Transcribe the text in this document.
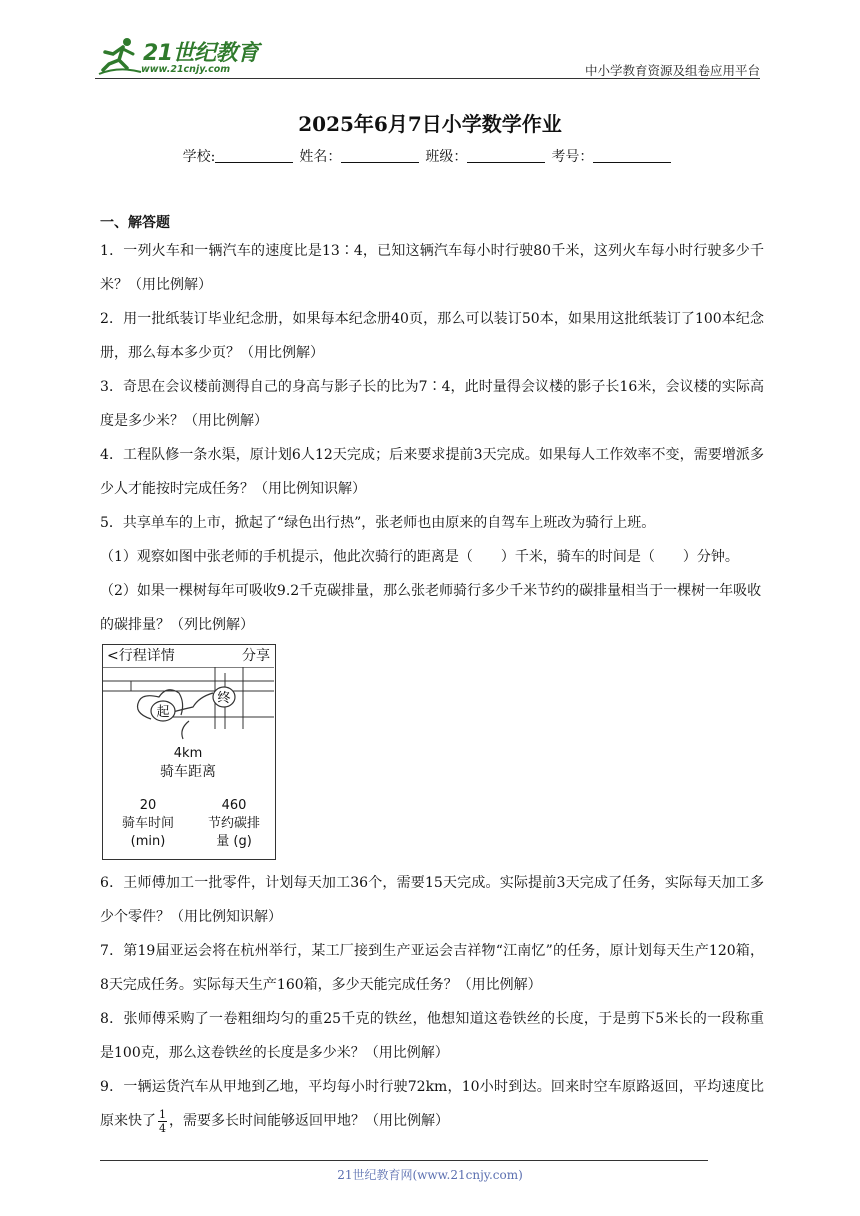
21世纪教育
www.21cnjy.com	中小学教育资源及组卷应用平台
2025年6月7日小学数学作业
学校:	姓名：	班级：	考号：
一、解答题

1．一列火车和一辆汽车的速度比是13∶4，已知这辆汽车每小时行驶80千米，这列火车每小时行驶多少千米？（用比例解）

2．用一批纸装订毕业纪念册，如果每本纪念册40页，那么可以装订50本，如果用这批纸装订了100本纪念册，那么每本多少页？（用比例解）

3．奇思在会议楼前测得自己的身高与影子长的比为7∶4，此时量得会议楼的影子长16米，会议楼的实际高度是多少米？（用比例解）

4．工程队修一条水渠，原计划6人12天完成；后来要求提前3天完成。如果每人工作效率不变，需要增派多少人才能按时完成任务？（用比例知识解）

5．共享单车的上市，掀起了“绿色出行热”，张老师也由原来的自驾车上班改为骑行上班。

（1）观察如图中张老师的手机提示，他此次骑行的距离是（　　）千米，骑车的时间是（　　）分钟。

（2）如果一棵树每年可吸收9.2千克碳排量，那么张老师骑行多少千米节约的碳排量相当于一棵树一年吸收的碳排量？（列比例解）

<行程详情	分享
起
终
4km
骑车距离
20
骑车时间
(min)
460
节约碳排
量 (g)

6．王师傅加工一批零件，计划每天加工36个，需要15天完成。实际提前3天完成了任务，实际每天加工多少个零件？（用比例知识解）

7．第19届亚运会将在杭州举行，某工厂接到生产亚运会吉祥物“江南忆”的任务，原计划每天生产120箱，8天完成任务。实际每天生产160箱，多少天能完成任务？（用比例解）

8．张师傅采购了一卷粗细均匀的重25千克的铁丝，他想知道这卷铁丝的长度，于是剪下5米长的一段称重是100克，那么这卷铁丝的长度是多少米？（用比例解）

9．一辆运货汽车从甲地到乙地，平均每小时行驶72km，10小时到达。回来时空车原路返回，平均速度比原来快了 $\frac{1}{4}$ ，需要多长时间能够返回甲地？（用比例解）

21世纪教育网(www.21cnjy.com)
